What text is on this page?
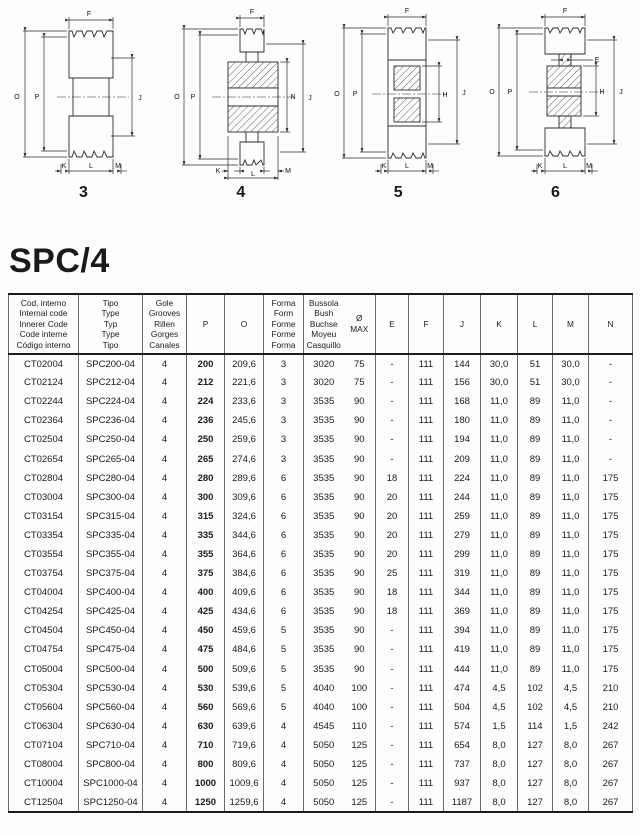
F
O P	J
K	L	M
3
F
O P	N J
K	M
L
4
F
O P	H J
K	L	M
5
F
E
O P	H J
K	L	M
6
SPC/4
Cod. interno
Internal code
Innerer Code
Code interne
Código interno	Tipo
Type
Typ
Type
Tipo	Gole
Grooves
Rillen
Gorges
Canales	P	O	Forma
Form
Forme
Forme
Forma	Bussola
Bush
Buchse
Moyeu
Casquillo	Ø
MAX	E	F	J	K	L	M	N
CT02004	SPC200-04	4	200	209,6	3	3020	75	-	111	144	30,0	51	30,0	-
CT02124	SPC212-04	4	212	221,6	3	3020	75	-	111	156	30,0	51	30,0	-
CT02244	SPC224-04	4	224	233,6	3	3535	90	-	111	168	11,0	89	11,0	-
CT02364	SPC236-04	4	236	245,6	3	3535	90	-	111	180	11,0	89	11,0	-
CT02504	SPC250-04	4	250	259,6	3	3535	90	-	111	194	11,0	89	11,0	-
CT02654	SPC265-04	4	265	274,6	3	3535	90	-	111	209	11,0	89	11,0	-
CT02804	SPC280-04	4	280	289,6	6	3535	90	18	111	224	11,0	89	11,0	175
CT03004	SPC300-04	4	300	309,6	6	3535	90	20	111	244	11,0	89	11,0	175
CT03154	SPC315-04	4	315	324,6	6	3535	90	20	111	259	11,0	89	11,0	175
CT03354	SPC335-04	4	335	344,6	6	3535	90	20	111	279	11,0	89	11,0	175
CT03554	SPC355-04	4	355	364,6	6	3535	90	20	111	299	11,0	89	11,0	175
CT03754	SPC375-04	4	375	384,6	6	3535	90	25	111	319	11,0	89	11,0	175
CT04004	SPC400-04	4	400	409,6	6	3535	90	18	111	344	11,0	89	11,0	175
CT04254	SPC425-04	4	425	434,6	6	3535	90	18	111	369	11,0	89	11,0	175
CT04504	SPC450-04	4	450	459,6	5	3535	90	-	111	394	11,0	89	11,0	175
CT04754	SPC475-04	4	475	484,6	5	3535	90	-	111	419	11,0	89	11,0	175
CT05004	SPC500-04	4	500	509,6	5	3535	90	-	111	444	11,0	89	11,0	175
CT05304	SPC530-04	4	530	539,6	5	4040	100	-	111	474	4,5	102	4,5	210
CT05604	SPC560-04	4	560	569,6	5	4040	100	-	111	504	4,5	102	4,5	210
CT06304	SPC630-04	4	630	639,6	4	4545	110	-	111	574	1,5	114	1,5	242
CT07104	SPC710-04	4	710	719,6	4	5050	125	-	111	654	8,0	127	8,0	267
CT08004	SPC800-04	4	800	809,6	4	5050	125	-	111	737	8,0	127	8,0	267
CT10004	SPC1000-04	4	1000	1009,6	4	5050	125	-	111	937	8,0	127	8,0	267
CT12504	SPC1250-04	4	1250	1259,6	4	5050	125	-	111	1187	8,0	127	8,0	267
